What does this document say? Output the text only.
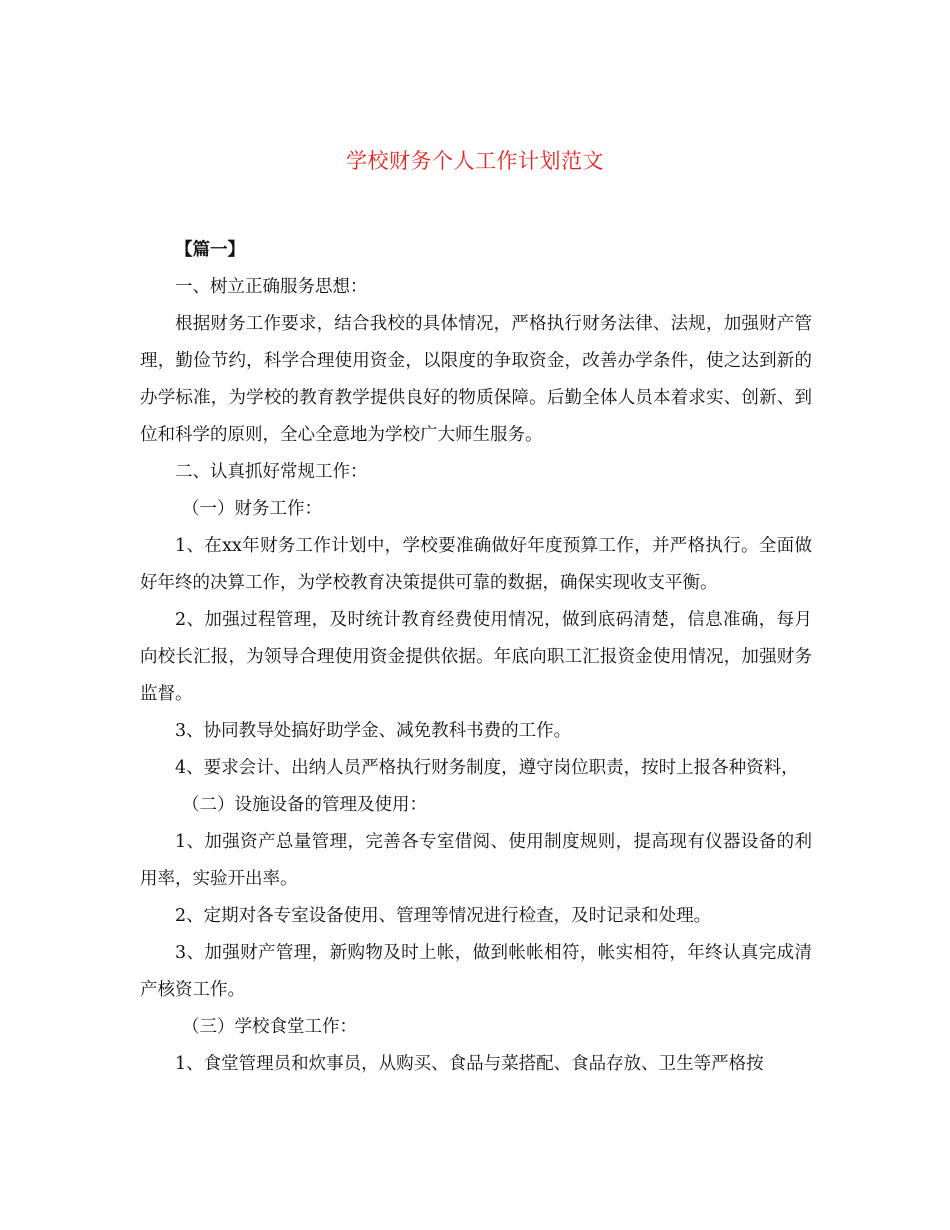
学校财务个人工作计划范文

【篇一】

一、树立正确服务思想：

根据财务工作要求，结合我校的具体情况，严格执行财务法律、法规，加强财产管理，勤俭节约，科学合理使用资金，以限度的争取资金，改善办学条件，使之达到新的办学标准，为学校的教育教学提供良好的物质保障。后勤全体人员本着求实、创新、到位和科学的原则，全心全意地为学校广大师生服务。

二、认真抓好常规工作：

（一）财务工作：

1、在xx年财务工作计划中，学校要准确做好年度预算工作，并严格执行。全面做好年终的决算工作，为学校教育决策提供可靠的数据，确保实现收支平衡。

2、加强过程管理，及时统计教育经费使用情况，做到底码清楚，信息准确，每月向校长汇报，为领导合理使用资金提供依据。年底向职工汇报资金使用情况，加强财务监督。

3、协同教导处搞好助学金、减免教科书费的工作。

4、要求会计、出纳人员严格执行财务制度，遵守岗位职责，按时上报各种资料，

（二）设施设备的管理及使用：

1、加强资产总量管理，完善各专室借阅、使用制度规则，提高现有仪器设备的利用率，实验开出率。

2、定期对各专室设备使用、管理等情况进行检查，及时记录和处理。

3、加强财产管理，新购物及时上帐，做到帐帐相符，帐实相符，年终认真完成清产核资工作。

（三）学校食堂工作：

1、食堂管理员和炊事员，从购买、食品与菜搭配、食品存放、卫生等严格按
